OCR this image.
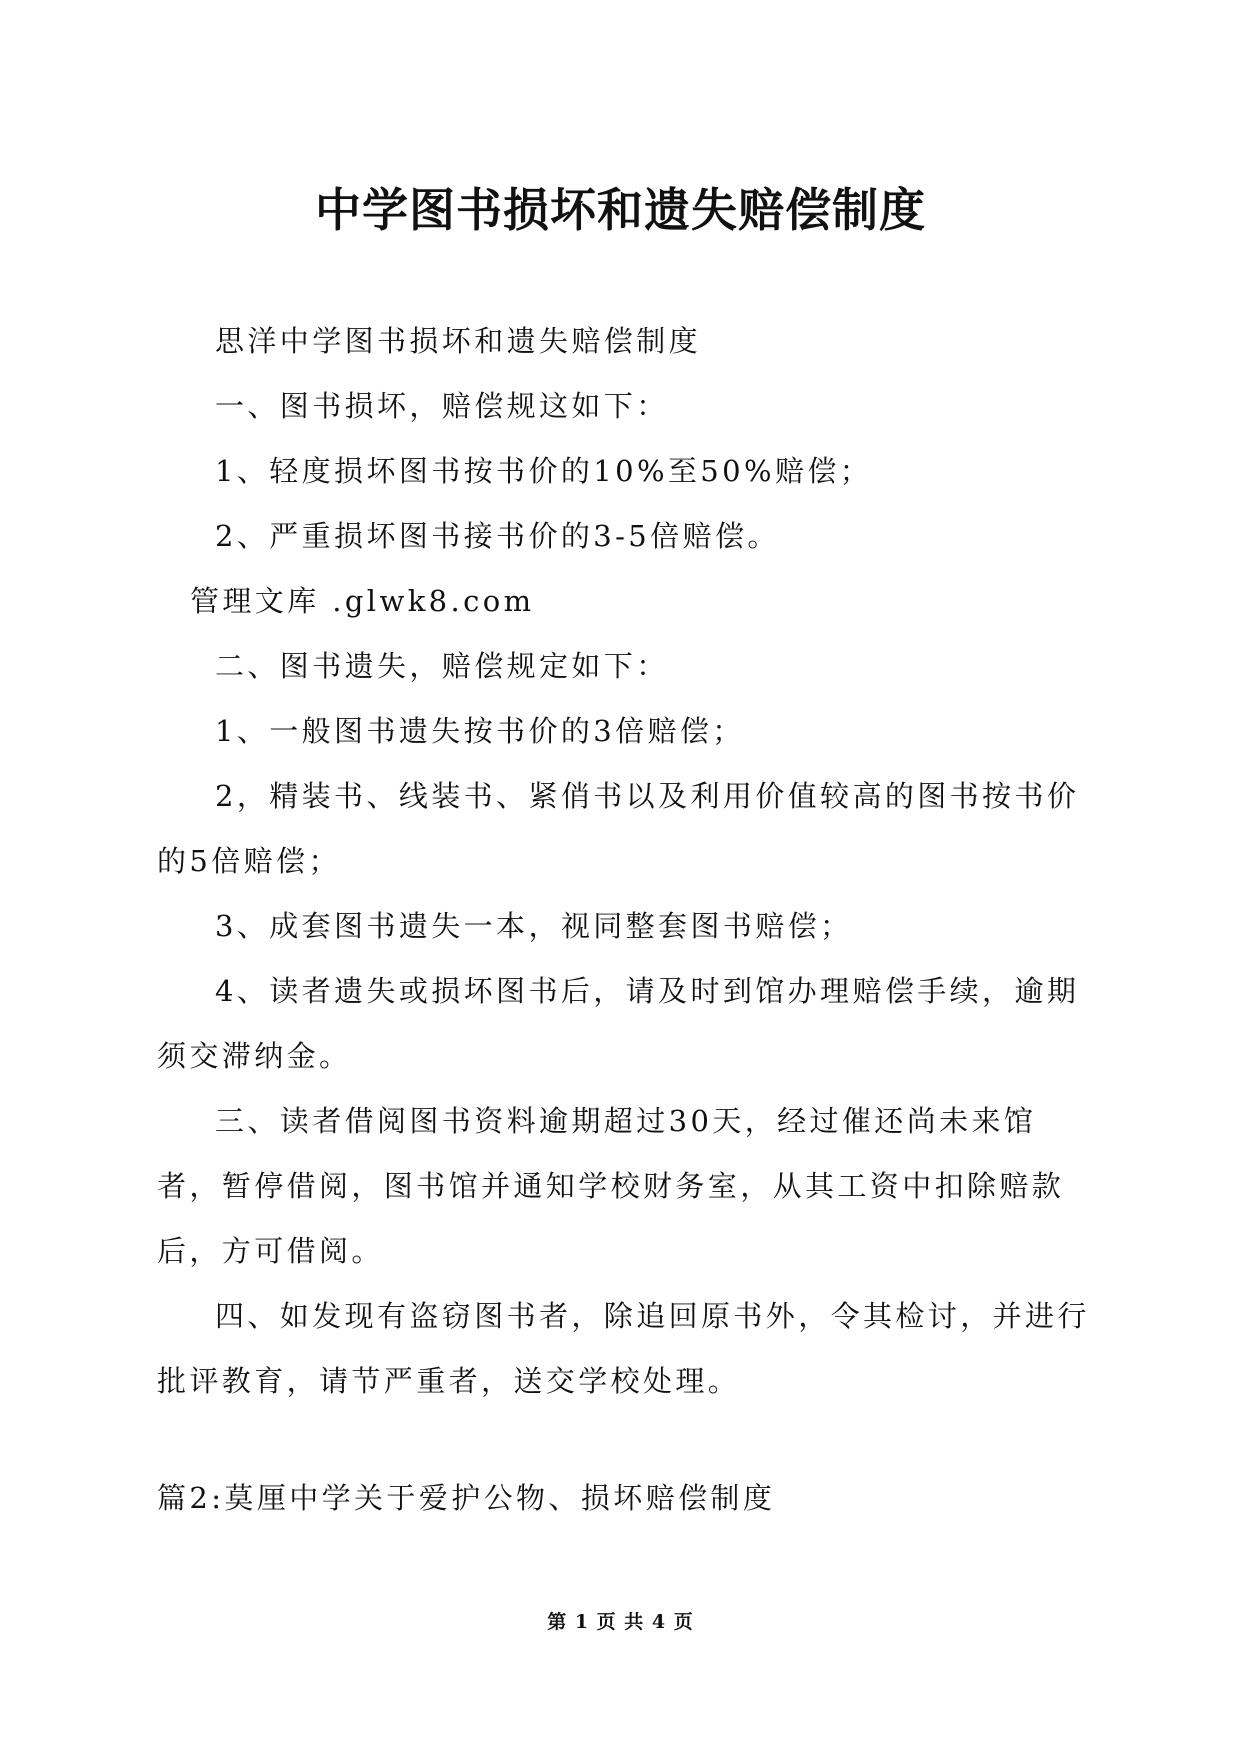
中学图书损坏和遗失赔偿制度

思洋中学图书损坏和遗失赔偿制度

一、图书损坏，赔偿规这如下：

1、轻度损坏图书按书价的10%至50%赔偿；

2、严重损坏图书接书价的3-5倍赔偿。

管理文库 .glwk8.com

二、图书遗失，赔偿规定如下：

1、一般图书遗失按书价的3倍赔偿；

2，精装书、线装书、紧俏书以及利用价值较高的图书按书价的5倍赔偿；

3、成套图书遗失一本，视同整套图书赔偿；

4、读者遗失或损坏图书后，请及时到馆办理赔偿手续，逾期须交滞纳金。

三、读者借阅图书资料逾期超过30天，经过催还尚未来馆者，暂停借阅，图书馆并通知学校财务室，从其工资中扣除赔款后，方可借阅。

四、如发现有盗窃图书者，除追回原书外，令其检讨，并进行批评教育，请节严重者，送交学校处理。

篇2:莫厘中学关于爱护公物、损坏赔偿制度

第 1 页 共 4 页
